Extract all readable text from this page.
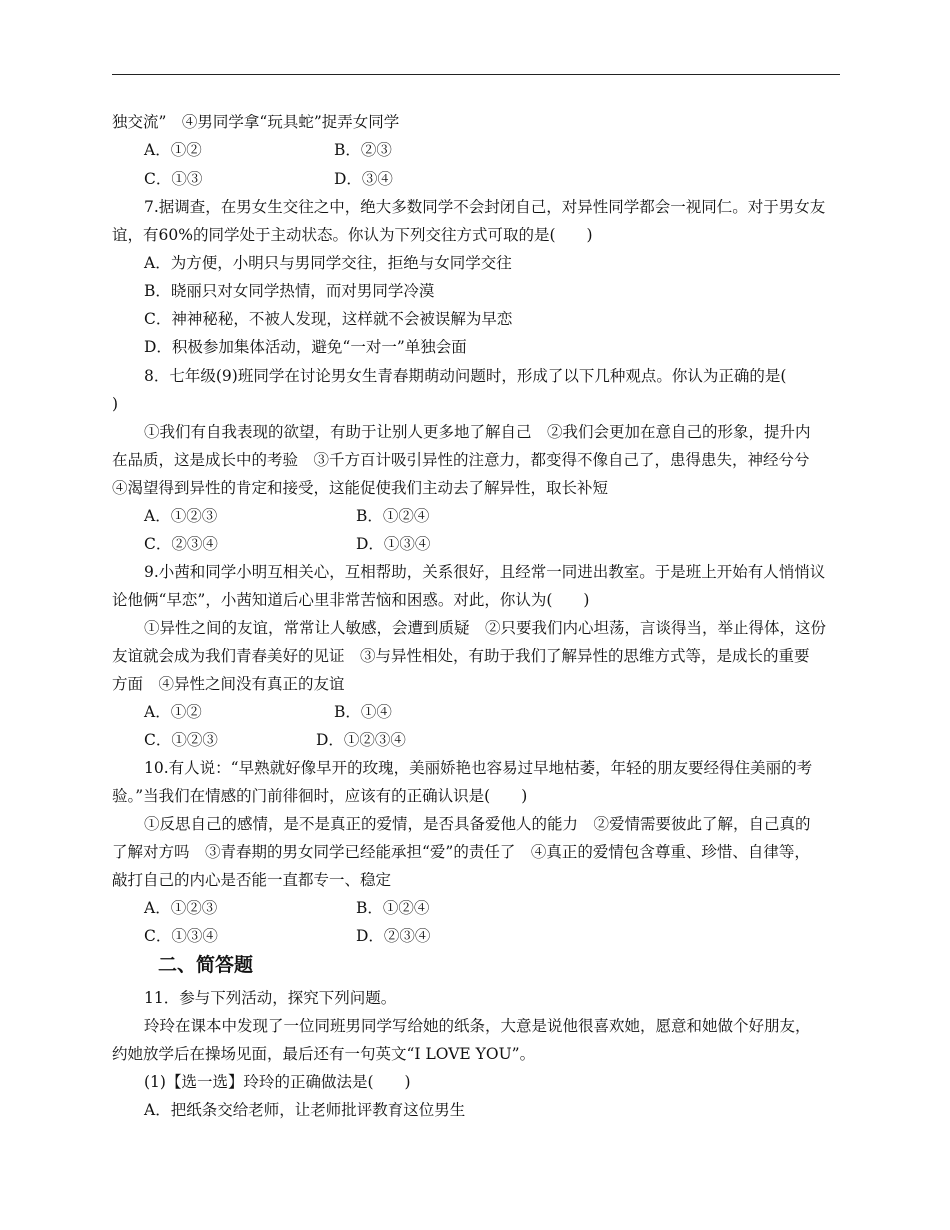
独交流”　④男同学拿“玩具蛇”捉弄女同学
A．①②	B．②③
C．①③	D．③④
7.据调查，在男女生交往之中，绝大多数同学不会封闭自己，对异性同学都会一视同仁。对于男女友
谊，有60%的同学处于主动状态。你认为下列交往方式可取的是(　　)
A．为方便，小明只与男同学交往，拒绝与女同学交往
B．晓丽只对女同学热情，而对男同学冷漠
C．神神秘秘，不被人发现，这样就不会被误解为早恋
D．积极参加集体活动，避免“一对一”单独会面
8．七年级(9)班同学在讨论男女生青春期萌动问题时，形成了以下几种观点。你认为正确的是(
)
①我们有自我表现的欲望，有助于让别人更多地了解自己　②我们会更加在意自己的形象，提升内
在品质，这是成长中的考验　③千方百计吸引异性的注意力，都变得不像自己了，患得患失，神经兮兮
④渴望得到异性的肯定和接受，这能促使我们主动去了解异性，取长补短
A．①②③	B．①②④
C．②③④	D．①③④
9.小茜和同学小明互相关心，互相帮助，关系很好，且经常一同进出教室。于是班上开始有人悄悄议
论他俩“早恋”，小茜知道后心里非常苦恼和困惑。对此，你认为(　　)
①异性之间的友谊，常常让人敏感，会遭到质疑　②只要我们内心坦荡，言谈得当，举止得体，这份
友谊就会成为我们青春美好的见证　③与异性相处，有助于我们了解异性的思维方式等，是成长的重要
方面　④异性之间没有真正的友谊
A．①②	B．①④
C．①②③	D．①②③④
10.有人说：“早熟就好像早开的玫瑰，美丽娇艳也容易过早地枯萎，年轻的朋友要经得住美丽的考
验。”当我们在情感的门前徘徊时，应该有的正确认识是(　　)
①反思自己的感情，是不是真正的爱情，是否具备爱他人的能力　②爱情需要彼此了解，自己真的
了解对方吗　③青春期的男女同学已经能承担“爱”的责任了　④真正的爱情包含尊重、珍惜、自律等，
敲打自己的内心是否能一直都专一、稳定
A．①②③	B．①②④
C．①③④	D．②③④
二、简答题
11．参与下列活动，探究下列问题。
玲玲在课本中发现了一位同班男同学写给她的纸条，大意是说他很喜欢她，愿意和她做个好朋友，
约她放学后在操场见面，最后还有一句英文“I LOVE YOU”。
(1)【选一选】玲玲的正确做法是(　　)
A．把纸条交给老师，让老师批评教育这位男生
